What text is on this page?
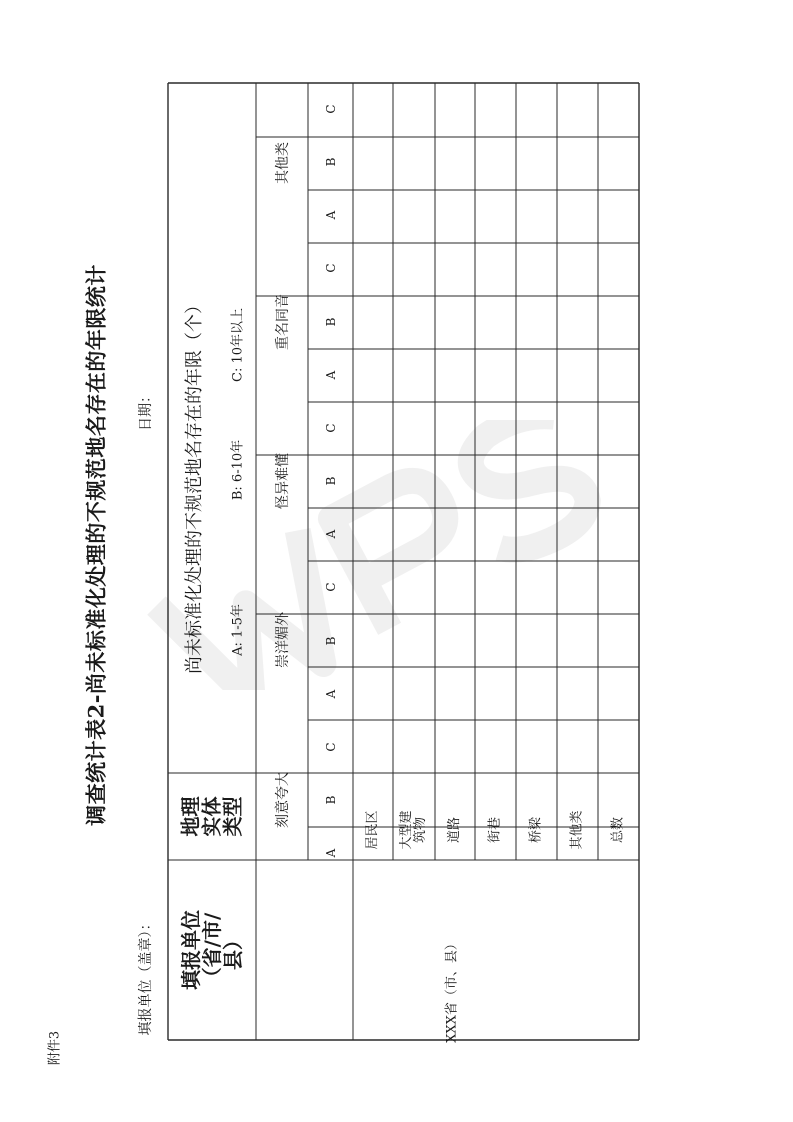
附件3
调查统计表2-尚未标准化处理的不规范地名存在的年限统计
填报单位（盖章）：
日期：
填报单位
（省/市/
县）
地理
实体
类型
尚未标准化处理的不规范地名存在的年限（个） A: 1-5年
B: 6-10年
C: 10年以上
刻意夸大
崇洋媚外
怪异难懂
重名同音
其他类
A
B
C
A
B
C
A
B
C
A
B
C
A
B
C
XXX省（市、县）
居民区 大型建
筑物 道路 街巷 桥梁 其他类 总数
